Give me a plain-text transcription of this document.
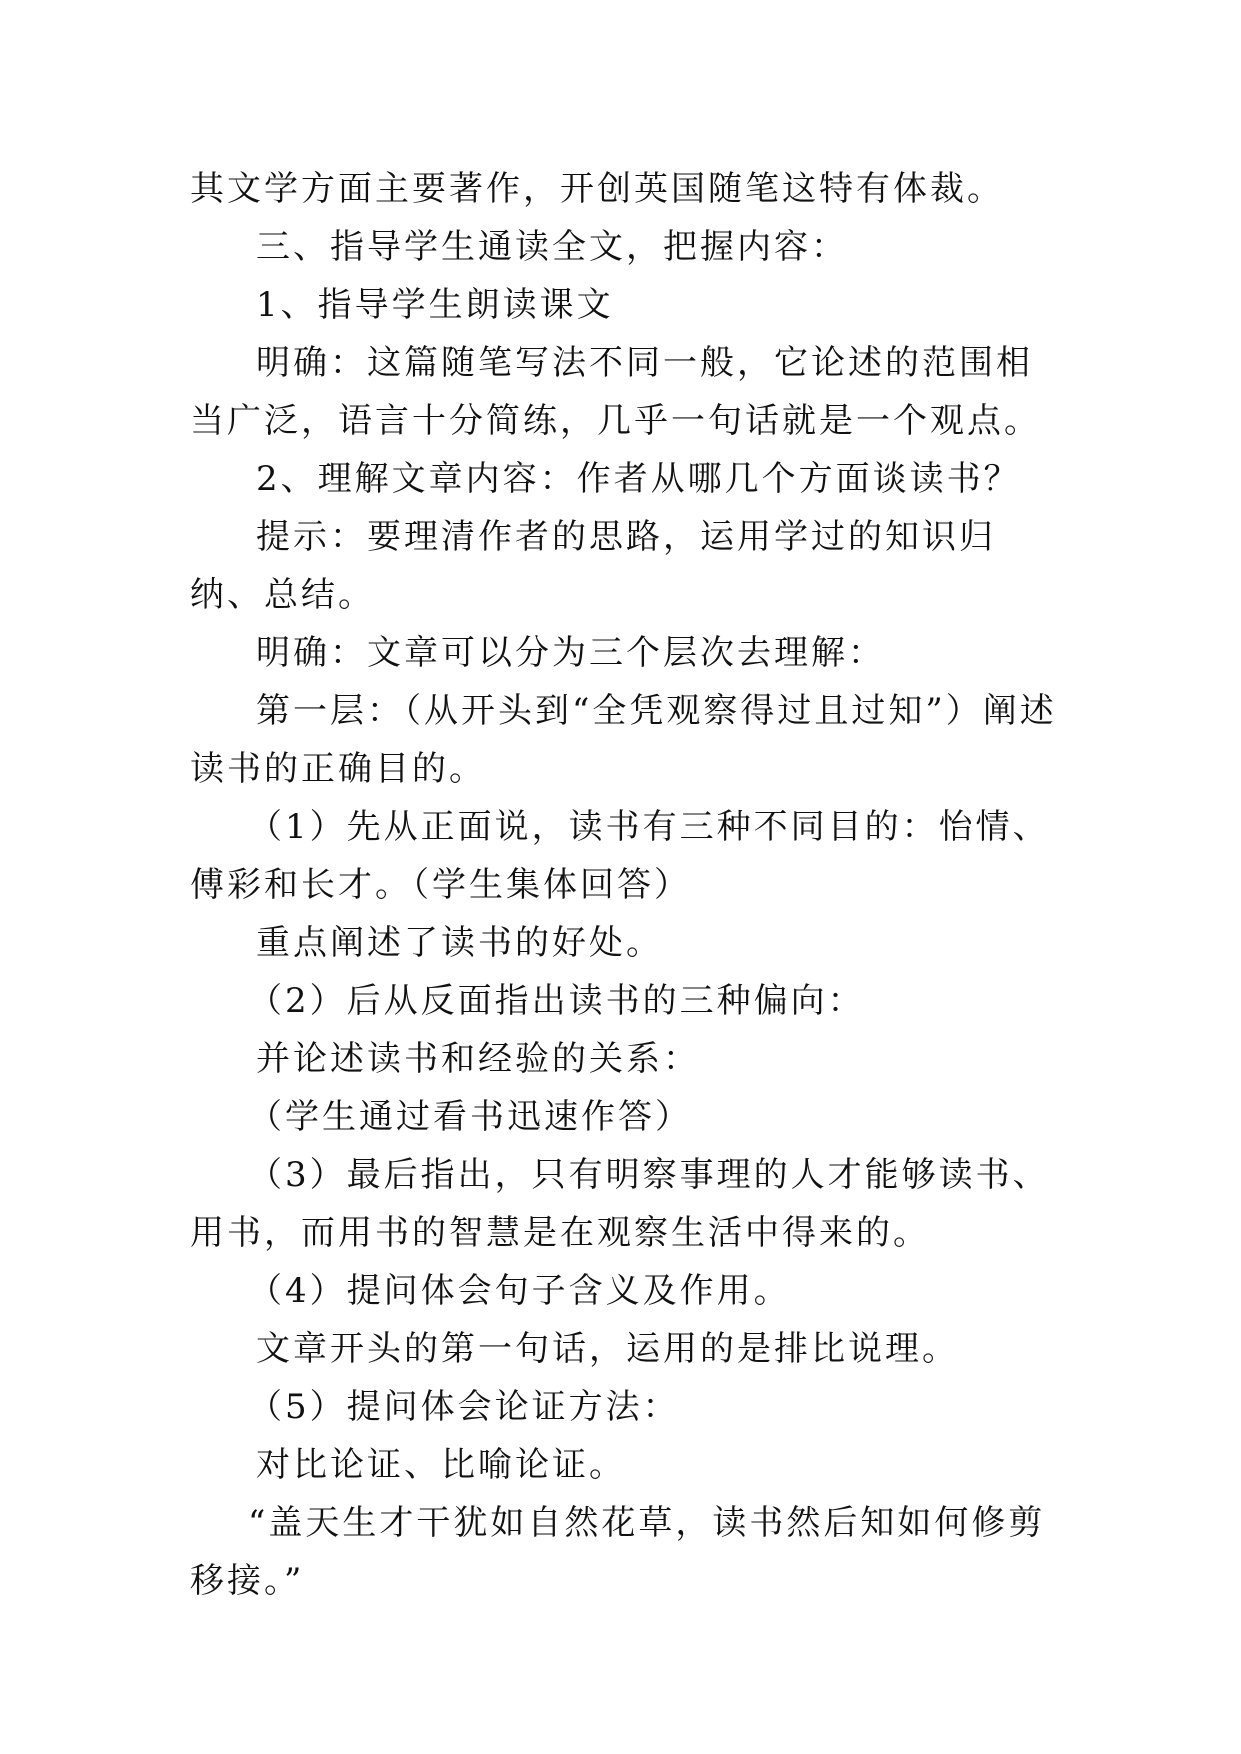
其文学方面主要著作，开创英国随笔这特有体裁。

三、指导学生通读全文，把握内容：

1、指导学生朗读课文

明确：这篇随笔写法不同一般，它论述的范围相当广泛，语言十分简练，几乎一句话就是一个观点。

2、理解文章内容：作者从哪几个方面谈读书？

提示：要理清作者的思路，运用学过的知识归纳、总结。

明确：文章可以分为三个层次去理解：

第一层：（从开头到“全凭观察得过且过知”）阐述读书的正确目的。

（1）先从正面说，读书有三种不同目的：怡情、傅彩和长才。（学生集体回答）

重点阐述了读书的好处。

（2）后从反面指出读书的三种偏向：

并论述读书和经验的关系：

（学生通过看书迅速作答）

（3）最后指出，只有明察事理的人才能够读书、用书，而用书的智慧是在观察生活中得来的。

（4）提问体会句子含义及作用。

文章开头的第一句话，运用的是排比说理。

（5）提问体会论证方法：

对比论证、比喻论证。

“盖天生才干犹如自然花草，读书然后知如何修剪移接。”
